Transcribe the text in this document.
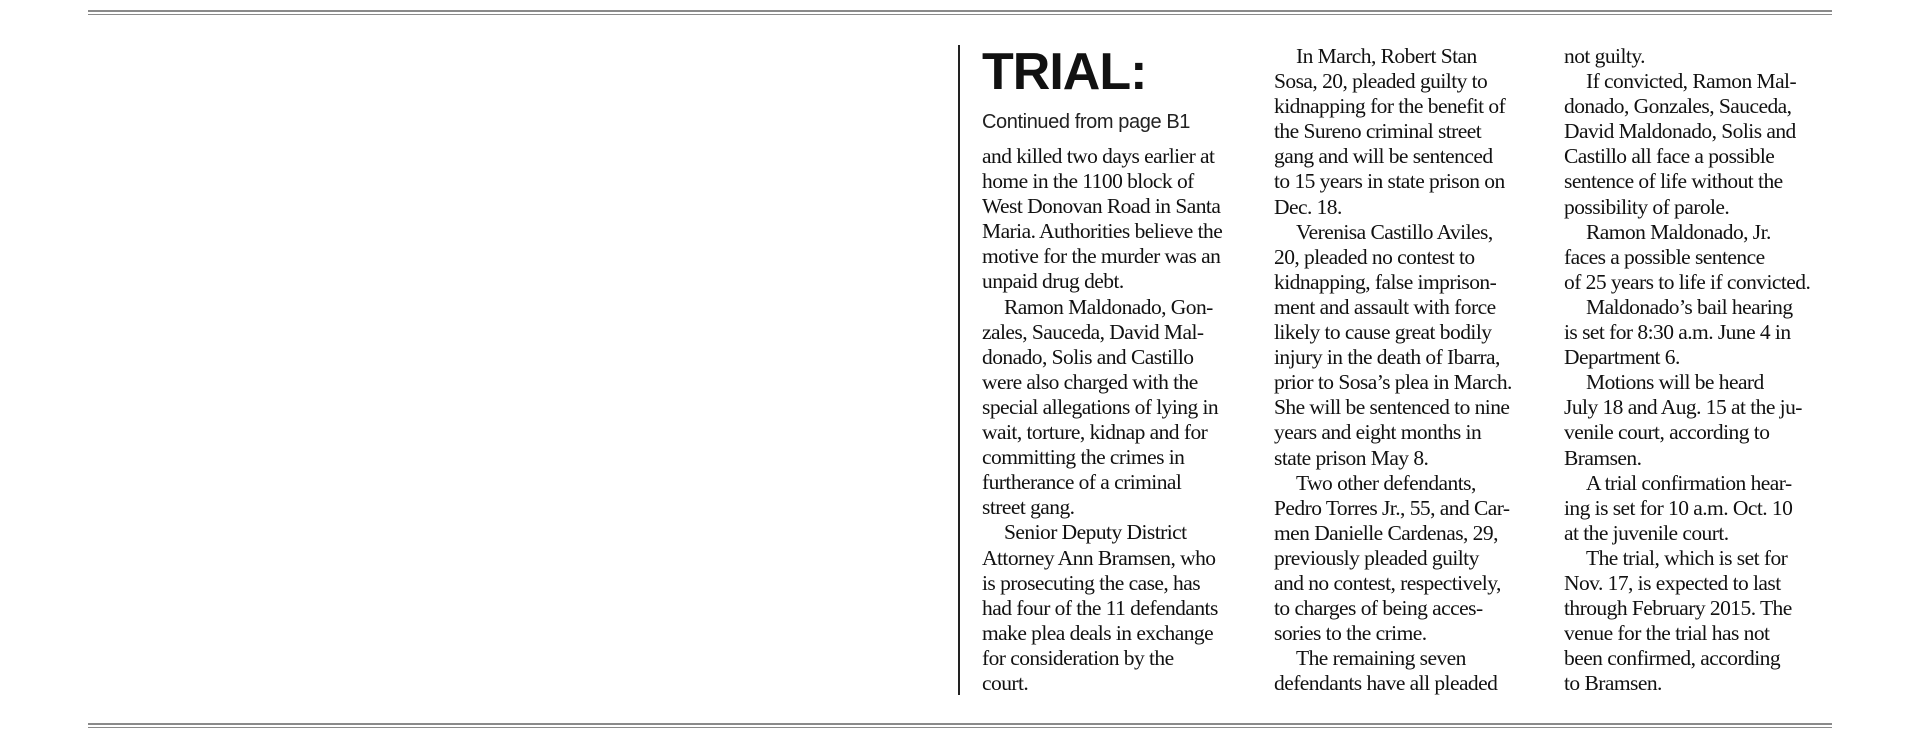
TRIAL:
Continued from page B1
and killed two days earlier at
home in the 1100 block of
West Donovan Road in Santa
Maria. Authorities believe the
motive for the murder was an
unpaid drug debt.
Ramon Maldonado, Gon-
zales, Sauceda, David Mal-
donado, Solis and Castillo
were also charged with the
special allegations of lying in
wait, torture, kidnap and for
committing the crimes in
furtherance of a criminal
street gang.
Senior Deputy District
Attorney Ann Bramsen, who
is prosecuting the case, has
had four of the 11 defendants
make plea deals in exchange
for consideration by the
court.
In March, Robert Stan
Sosa, 20, pleaded guilty to
kidnapping for the benefit of
the Sureno criminal street
gang and will be sentenced
to 15 years in state prison on
Dec. 18.
Verenisa Castillo Aviles,
20, pleaded no contest to
kidnapping, false imprison-
ment and assault with force
likely to cause great bodily
injury in the death of Ibarra,
prior to Sosa’s plea in March.
She will be sentenced to nine
years and eight months in
state prison May 8.
Two other defendants,
Pedro Torres Jr., 55, and Car-
men Danielle Cardenas, 29,
previously pleaded guilty
and no contest, respectively,
to charges of being acces-
sories to the crime.
The remaining seven
defendants have all pleaded
not guilty.
If convicted, Ramon Mal-
donado, Gonzales, Sauceda,
David Maldonado, Solis and
Castillo all face a possible
sentence of life without the
possibility of parole.
Ramon Maldonado, Jr.
faces a possible sentence
of 25 years to life if convicted.
Maldonado’s bail hearing
is set for 8:30 a.m. June 4 in
Department 6.
Motions will be heard
July 18 and Aug. 15 at the ju-
venile court, according to
Bramsen.
A trial confirmation hear-
ing is set for 10 a.m. Oct. 10
at the juvenile court.
The trial, which is set for
Nov. 17, is expected to last
through February 2015. The
venue for the trial has not
been confirmed, according
to Bramsen.
